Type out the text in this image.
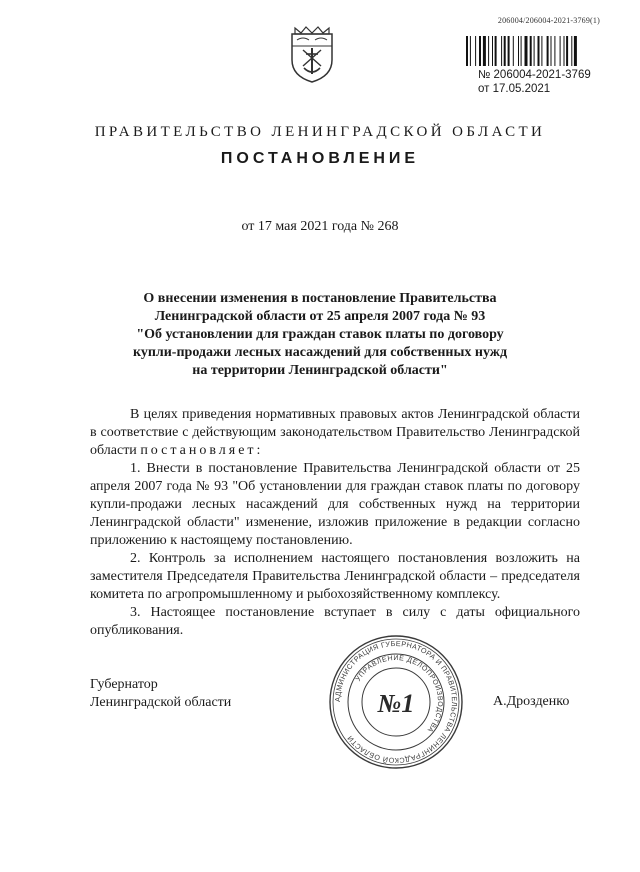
206004/206004-2021-3769(1)
№ 206004-2021-3769
от 17.05.2021
ПРАВИТЕЛЬСТВО ЛЕНИНГРАДСКОЙ ОБЛАСТИ
ПОСТАНОВЛЕНИЕ
от 17 мая 2021 года № 268
О внесении изменения в постановление Правительства
Ленинградской области от 25 апреля 2007 года № 93
"Об установлении для граждан ставок платы по договору
купли-продажи лесных насаждений для собственных нужд
на территории Ленинградской области"

В целях приведения нормативных правовых актов Ленинградской области в соответствие с действующим законодательством Правительство Ленинградской области постановляет:

1. Внести в постановление Правительства Ленинградской области от 25 апреля 2007 года № 93 "Об установлении для граждан ставок платы по договору купли-продажи лесных насаждений для собственных нужд на территории Ленинградской области" изменение, изложив приложение в редакции согласно приложению к настоящему постановлению.

2. Контроль за исполнением настоящего постановления возложить на заместителя Председателя Правительства Ленинградской области – председателя комитета по агропромышленному и рыбохозяйственному комплексу.

3. Настоящее постановление вступает в силу с даты официального опубликования.

Губернатор
Ленинградской области	А.Дрозденко
АДМИНИСТРАЦИЯ ГУБЕРНАТОРА И ПРАВИТЕЛЬСТВА ЛЕНИНГРАДСКОЙ ОБЛАСТИ
УПРАВЛЕНИЕ ДЕЛОПРОИЗВОДСТВА
№1
